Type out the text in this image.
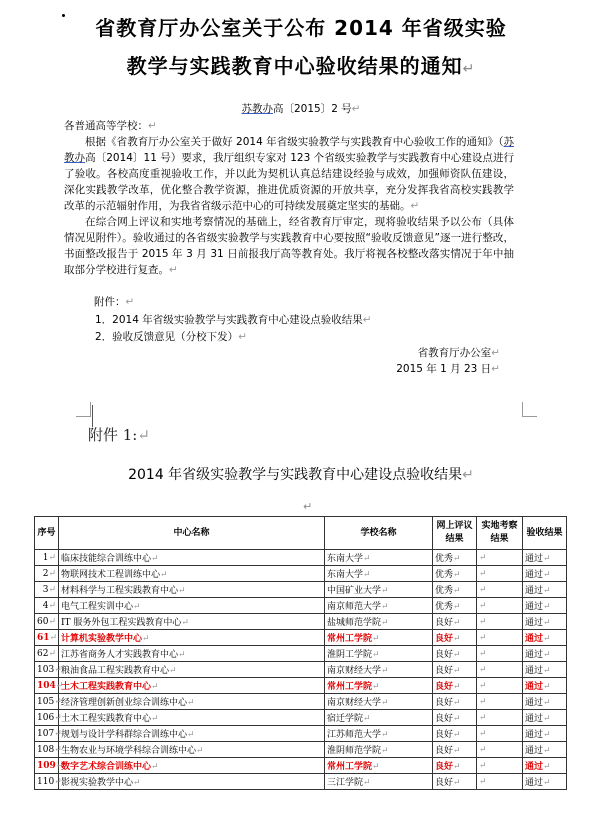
省教育厅办公室关于公布 2014 年省级实验
教学与实践教育中心验收结果的通知↵
苏教办高〔2015〕2 号↵

各普通高等学校：↵

根据《省教育厅办公室关于做好 2014 年省级实验教学与实践教育中心验收工作的通知》（苏教办高〔2014〕11 号）要求，我厅组织专家对 123 个省级实验教学与实践教育中心建设点进行了验收。各校高度重视验收工作，并以此为契机认真总结建设经验与成效，加强师资队伍建设，深化实践教学改革，优化整合教学资源，推进优质资源的开放共享，充分发挥我省高校实践教学改革的示范辐射作用，为我省省级示范中心的可持续发展奠定坚实的基础。↵

在综合网上评议和实地考察情况的基础上，经省教育厅审定，现将验收结果予以公布（具体情况见附件）。验收通过的各省级实验教学与实践教育中心要按照“验收反馈意见”逐一进行整改，书面整改报告于 2015 年 3 月 31 日前报我厅高等教育处。我厅将视各校整改落实情况于年中抽取部分学校进行复查。↵

附件：↵
1．2014 年省级实验教学与实践教育中心建设点验收结果↵
2．验收反馈意见（分校下发）↵
省教育厅办公室↵
2015 年 1 月 23 日↵
附件 1:↵
2014 年省级实验教学与实践教育中心建设点验收结果↵
↵
序号	中心名称	学校名称	网上评议结果	实地考察结果	验收结果
1↵	临床技能综合训练中心↵	东南大学↵	优秀↵	↵	通过↵
2↵	物联网技术工程训练中心↵	东南大学↵	优秀↵	↵	通过↵
3↵	材料科学与工程实践教育中心↵	中国矿业大学↵	优秀↵	↵	通过↵
4↵	电气工程实训中心↵	南京师范大学↵	优秀↵	↵	通过↵
60↵	IT 服务外包工程实践教育中心↵	盐城师范学院↵	良好↵	↵	通过↵
61↵	计算机实验教学中心↵	常州工学院↵	良好↵	↵	通过↵
62↵	江苏省商务人才实践教育中心↵	淮阴工学院↵	良好↵	↵	通过↵
103↵	粮油食品工程实践教育中心↵	南京财经大学↵	良好↵	↵	通过↵
104↵	土木工程实践教育中心↵	常州工学院↵	良好↵	↵	通过↵
105↵	经济管理创新创业综合训练中心↵	南京财经大学↵	良好↵	↵	通过↵
106↵	土木工程实践教育中心↵	宿迁学院↵	良好↵	↵	通过↵
107↵	规划与设计学科群综合训练中心↵	江苏师范大学↵	良好↵	↵	通过↵
108↵	生物农业与环境学科综合训练中心↵	淮阴师范学院↵	良好↵	↵	通过↵
109↵	数字艺术综合训练中心↵	常州工学院↵	良好↵	↵	通过↵
110↵	影视实验教学中心↵	三江学院↵	良好↵	↵	通过↵
